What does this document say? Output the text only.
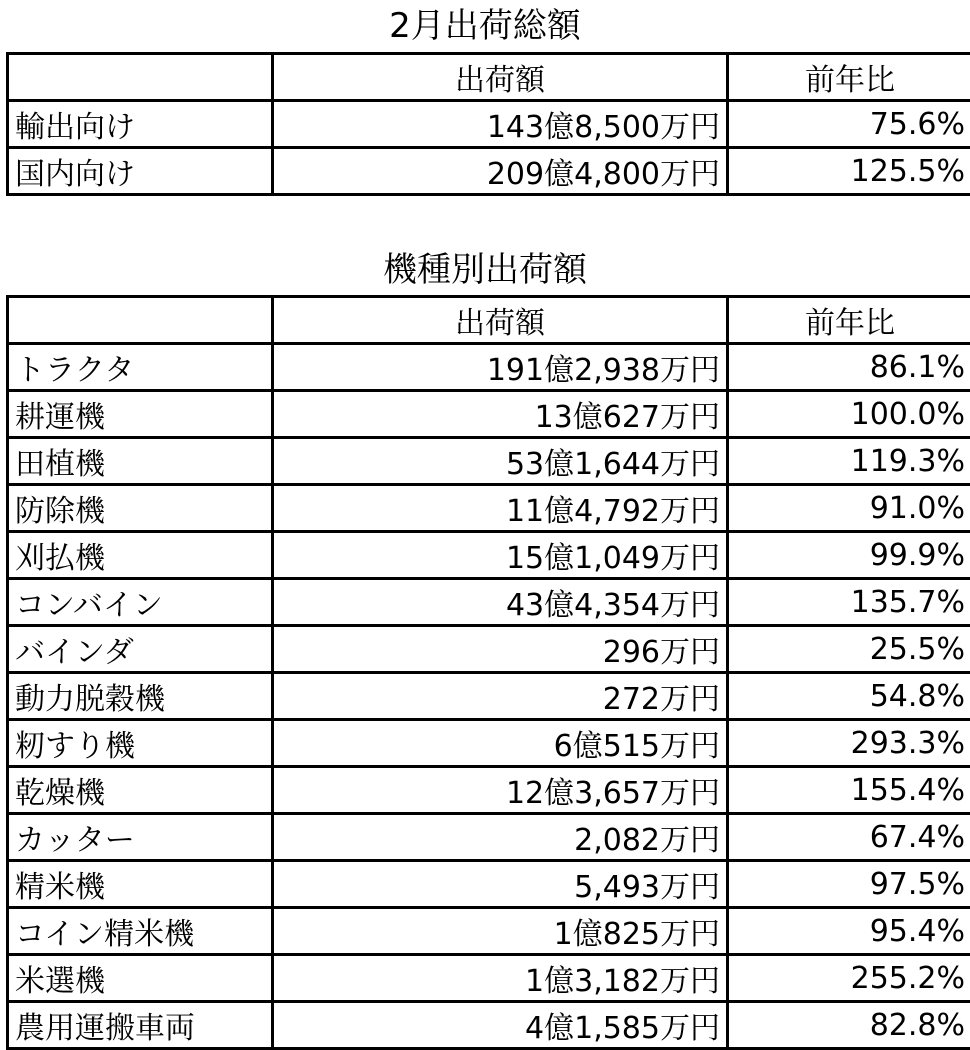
2月出荷総額
	出荷額	前年比
輸出向け	143億8,500万円	75.6%
国内向け	209億4,800万円	125.5%
機種別出荷額
	出荷額	前年比
トラクタ	191億2,938万円	86.1%
耕運機	13億627万円	100.0%
田植機	53億1,644万円	119.3%
防除機	11億4,792万円	91.0%
刈払機	15億1,049万円	99.9%
コンバイン	43億4,354万円	135.7%
バインダ	296万円	25.5%
動力脱穀機	272万円	54.8%
籾すり機	6億515万円	293.3%
乾燥機	12億3,657万円	155.4%
カッター	2,082万円	67.4%
精米機	5,493万円	97.5%
コイン精米機	1億825万円	95.4%
米選機	1億3,182万円	255.2%
農用運搬車両	4億1,585万円	82.8%
